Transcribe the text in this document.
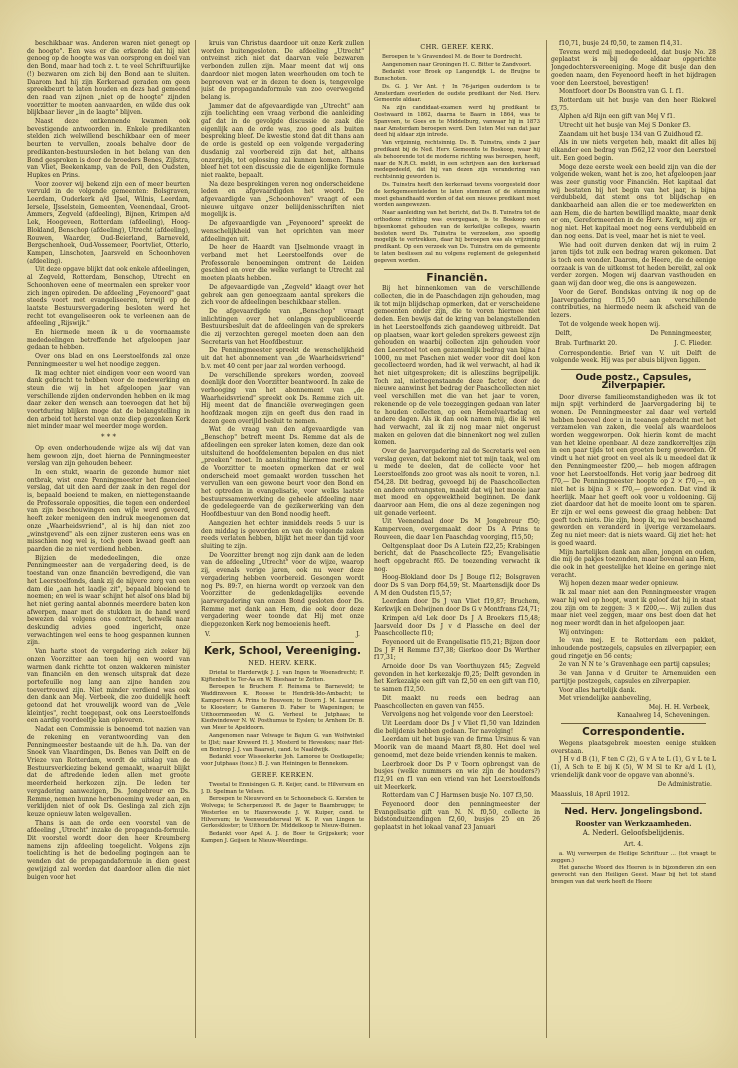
beschikbaar was. Anderen waren niet genegt op de hoogte". Een was er die erkende dat hij niet genoeg op de hoogte was van oorsprong en doel van den Bond, maar had toch z. t. te veel Schriftuurlijke (!) bezwaren om zich bij den Bond aan te sluiten. Daarom had hij zijn Kerkeraad geraden om geen spreekbeurt te laten houden en dezs had gemeend den raad van zijnen „niet op de hoogte" zijnden voorzitter te moeten aanvaarden, en wilde dus ook blijkbaar liever „in de laagte" blijven.

Naast deze ontkennende kwamen ook bevestigende antwoorden in. Enkele predikanten stelden zich welwillend beschikbaar een of meer beurten te vervullen, zooals behalve door de predikanten-bestuursleden in het belang van den Bond gesproken is door de broeders Benes, Zijlstra, van Vliet, Beekenkamp, van de Poll, den Oudsten, Hupkes en Prins.

Voor zoover wij bekend zijn een of meer beurten vervuld in de volgende gemeenten: Bolsgraven, Leerdam, Ouderkerk a/d IJsel, Wilnis, Leerdam, Iersele, IJsselstein, Gemeenten, Veenendaal, Groot-Ammers, Zegveld (afdeeling), Bijnen, Krimpen a/d Lek, Hoogeveen, Rotterdam (afdeeling), Hoog-Blokland, Benschop (afdeeling), Utrecht (afdeeling), Rouwen, Waarder, Oud-Beierland, Barneveld, Bergschenhoek, Oud-Vossemeer, Poortvliet, Otterlo, Kampen, Linschoten, Jaarsveld en Schoonhoven (afdeeling).

Uit deze opgave blijkt dat ook enkele afdeelingen, al Zegveld, Rotterdam, Benschop, Utrecht en Schoonhoven eene of meermalen een spreker voor zich ingen opireden. De afdeeling „Feyenoord" gaat steeds voort met evangeliseeren, terwijl op de laatste Bestuursvergadering besloten werd het recht tot evangeliseeren ook te verleenen aan de afdeeling „Rijswijk."

En hiermede meen ik u de voornaamste mededeelingen betreffende het afgeloopen jaar gedaan te hebben.

Over ons blad en ons Leerstoelfonds zal onze Penningmeester u wel het noodige zeggen.

Ik mag echter niet eindigen voor een woord van dank gebracht te hebben voor de medewerking en steun die wij in het afgeloopen jaar van verschillende zijden ondervonden hebben en ik mag daar zeker den wensch aan toevoegen dat het bij voortduring blijken moge dat de belangstelling in den arbeid tot herstel van onze diep gezonken Kerk niet minder maar wel meerder moge worden.

* * *

Op even onderhoudende wijze als wij dat van hem gewoon zijn, doet hierna de Penningmeester verslag van zijn gehouden beheer.

In een stukt, waarin de gezonde humor niet ontbrak, wist onze Penningmeester het financieel verslag, dat uit den aard der zaak in den regel dor is, bepaald boeiend te maken, en niettegenstaande de Professorale opposities, die tegen een onderdeel van zijn beschouwingen een wijle werd gevoerd, heeft zeker menigeen den indruk meegenomen dat onze „Waarheidsvriend", al is hij dan niet zoo „winstgevend" als een zijner zusteren eens was en misschien nog wel is, toch geen kwaad geeft aan paarden die ze niet verdiend hebben.

Bijzien de mededeelingen, die onze Penningmeester aan de vergadering deed, is de toestand van onze financiën bevredigend, die van het Leerstoelfonds, dank zij de nijvere zorg van een dam die „aan het laadje zit", bepaald bloeiend te noemen; en wel is waar schijnt het alsof ons blad bij het niet gering aantal abonnés meerdere baten kon afwerpen, maar met de stukken in de hand werd bewezen dal volgens ons contract, hetwelk naar deskundig advies goed ingericht, onze verwachtingen wel eens te hoog gespannen kunnen zijn.

Van harte stoot de vergadering zich zeker bij onzen Voorzitter aan toen hij een woord van warmen dank richtte tot onzen wakkeren minister van financiën en den wensch uitsprak dat deze portefeuille nog lang aan zijne handen zou toevertrouwd zijn. Niet minder verdiend was ook den dank aan Mej. Verbeek, die zoo duidelijk heeft getoond dat het vrouwelijk woord van de „Vele kleintjes", recht toegepast, ook ons Leerstoelfonds een aardig voordeeltje kan opleveren.

Nadat een Commissie is benoemd tot nazien van de rekening en verantwoording van den Penningmeester bestaande uit de h.h. Da. van der Snoek van Vlaardingen, Ds. Benes van Delft en de Vrieze van Rotterdam, wordt de uitslag van de Bestuursverkiezing bekend gemaakt, waaruit blijkt dat de aftredende leden allen met groote meerderheid herkozen zijn. De leden ter vergadering aanwezigen, Ds. Jongebreur en Ds. Remme, nemen hunne herbenoeming weder aan, en verklijden niet of ook Ds. Geslinga zal zich zijn keuze opnieuw laten welgevallen.

Thans is aan de orde een voorstel van de afdeeling „Utrecht" inzake de propaganda-formule. Dit voorstel wordt door den heer Kreumberg namens zijn afdeeling toegelicht. Volgens zijn toelichting is het de bedoeling pogingen aan te wenden dat de propagandaformule in dien geest gewijzigd zal worden dat daardoor allen die niet buigen voor het

kruis van Christus daardoor uit onze Kerk zullen worden buitengesloten. De afdeeling „Utrecht" ontveinst zich niet dat daarvan vele bezwaren verbonden zullen zijn. Maar meent dat wij ons daardoor niet mogen laten weerhouden om toch te beproeven wat er in dezen te doen is, tengevolge juist de propagandaformule van zoo overwegend belang is.

Jammer dat de afgevaardigde van „Utrecht" aan zijn toelichting een vraag verbond die aanleiding gaf dat in de gevolgde discussie de zaak die eigenlijk aan de orde was, zoo goed als buiten bespreking bleef. De kwestie stond dat dit thans aan de orde is gesteld op een volgende vergadering dusdanig zal voorbereid zijn dat het, althans onzerzijds, tot oplossing zal kunnen komen. Thans bleef het tot een discussie die de eigenlijke formule niet raakte, bepaalt.

Na deze besprekingen veren nog onderscheidene leden en afgevaardigden het woord. De afgevaardigde van „Schoonhoven" vraagt of een nieuwe uitgave onzer beliijdenisschriften niet mogelijk is.

De afgevaardigde van „Feyenoord" spreekt de wenschelijkheid van het oprichten van meer afdeelingen uit.

De heer de Haardt van IJselmonde vraagt in verband met het Leerstoelfonds over de Professorale benoemingen omtrent de Leiden geschied en over die welke verlangt te Utrecht zal moeten plaats hebben.

De afgevaardigde van „Zegveld" klaagt over het gebrek aan gen genoegzaam aantal sprekers die zich voor de afdeelingen beschikbaar stellen.

De afgevaardigde van „Benschop" vraagt inlichtingen over het onlangs gepubliceerde Bestuursbesluit dat de afdeelingen van de sprekers die zij verzochten geregel moeten doen aan den Secretaris van het Hoofdbestuur.

De Penningmeester spreekt de wenschelijkheid uit dat het abonnement van „de Waarheidsvriend" b.v. met 40 cent per jaar zal worden verhoogd.

De verschillende sprekers worden, zooveel doenlijk door den Voorzitter beantwoord. In zake de verhooging van het abonnement van „de Waarheidsvriend" spreekt ook Ds. Remme zich uit. Hij meent dat de financiële overwegingen geen hoofdzaak mogen zijn en geeft dus den raad in dezen geen overijld besluit te nemen.

Wat de vraag van den afgevaardigde van „Benschop" betreft meent Ds. Remme dat als de afdeelingen een spreker laten komen, deze dan ook uitsluitend de hoofdelementen bepalen en dus niet „preeken" moet. In aansluiting hiermee merkt ook de Voorzitter te moeten opmerken dat er wel onderscheid moet gemaakt worden tusschen het vervullen van een gewone beurt voor den Bond en het optreden in evangelisatie, voor welks laatste bestuurssamenwerking de geheele afdeeling naar de gedelegeerde van de gezikerwerking van den Hoofdbestuur van den Bond noodig heeft.

Aangezien het echter inmiddels reeds 5 uur is den middag is geworden en van de volgende zaken reeds verlaten hebben, blijkt het meer dan tijd voor sluiting te zijn.

De Voorzitter brengt nog zijn dank aan de leden van de afdeeling „Utrecht" voor de wijze, waarop zij, evenals vorige jaren, ook nu weer deze vergadering hebben voorbereid. Gesongen wordt nog Ps. 89:7, en hierna wordt op verzoek van den Voorzitter de gedenkdagelijks eevende jaarvergadering van onzen Bond gesloten door Ds. Remme met dank aan Hem, die ook door deze vergadering weer toonde dat Hij met onze diepgezonken Kerk nog bemoeienis heeft.

V.	J.
Kerk, School, Vereeniging.
NED. HERV. KERK.

Drietal te Harderwijk J. J. van Ingen te Woensdrecht; F. Kijftenbelt te Ter-Aa en W. Bieshaar te Zetten.

Beroepen te Bruchem F. Reinsma te Barneveld; te Waddinxveen K. Roosse te Hendrik-Ido-Ambacht; te Kamperveen A. Prins te Rouveen; te Doorn J. M. Laurense te Kloosterr; te Gameren D. Faber te Wageningen; te Uithoornmeeden W. G. Verheul te Jutphaas; te Kiedwindewer N. W. Posthumus te Eyslen; te Arnhem Dr. B. van Meer te Apeldoorn.

Aangenomen naar Velwage te Bajum G. van Wolfwinkel te IJlst; naar Krewerd H. J. Mosterd te Heveskes; naar Het- en Bontrop J. J. van Baarsel, cand. te Naaldwijk.

Bedankt voor Wisseekerke Joh. Lamoree te Oostkapelle; voor Jutphaas (toez.) B. J. van Heiningen te Bennekom.

GEREF. KERKEN.

Tweetal te Ennisingen G. R. Keijer, cand. te Hilversum en J. D. Spelman te Velsen.

Beroepen te Nieuwvord en te Schoonebeck G. Kersten te Wolvega; te Scherpenzeel R. de Jager te Baambrugge; te Westerlee en te Hazerswoude J. W. Kuiper, cand. te Hilversum; te Veenwoudsterwal W. K. P. van Lingen te Gerkeskloster; te Uithorn Dr. Middelkoop te Nieuw-Buinen.

Bedankt voor Apel A. J. de Boer te Grijpskerk; voor Kampen J. Geijsen te Nieuw-Weerdinge.

CHR. GEREF. KERK.

Beroepen te 's Gravendeel M. de Boer te Dordrecht.

Aangenomen naar Groningen H. C. Bitter te Zandvoort.

Bedankt voor Broek op Langendijk L. de Bruijne te Bunschoten.

Ds. G. J. Ver Ant. † In 76-jarigen ouderdom is te Amsterdam overleden de oudste predikant der Ned. Herv. Gemeente aldaar.

Na zijn candidaat-examen werd hij predikant te Oostwaard in 1862, daarna te Baarn in 1864, was te Spanvoen, te Goes en te Middelburg, vanwaar hij in 1873 naar Amsterdam beroepen werd. Den 1sten Mei van dat jaar deed hij aldaar zijn intrede.

Van vrijzinnig, rechtsinnig. Ds. B. Tuinstra, sinds 2 jaar predikant bij de Ned. Herv. Gemeente te Boskoop, waar hij als behoorende tot de moderne richting was beroepen, heeft, naar de N.R.Ct. meldt, in een schrijven aan den kerkeraad medegedeeld, dat hij van dezen zijn verandering van rechtsinnig geworden is.

Ds. Tuinstra heeft den kerkeraad tevens voorgesteld door de kerkgemeenteleden te laten stemmen of de stemming moet gehandhaafd worden of dat een nieuwe predikant moet worden aangewezen.

Naar aanleiding van het bericht, dat Ds. B. Tuinstra tot de orthodoxe richting was overgegaan, is te Boskoop een bijeenkomst gehouden van de kerkelijke colleges, waarin besloten werd Ds. Tuinstra te verzoeken, zoo spoedig mogelijk te vertrekken, daar hij beroepen was als vrijzinnig predikant. Op een verzoek van Ds. Tuinstra om de gemeente te laten beslissen zal nu volgens reglement de gelegenheid gegeven worden.

Financiën.

Bij het binnenkomen van de verschillende collecten, die in de Paaschdagen zijn gehouden, mag ik tot mijn blijdschap opmerken, dat er verscheidene gemeenten onder zijn, die te voren hiermee niet deden. Een bewijs dat de kring van belangstellenden in het Leerstoelfonds zich gaandeweg uitbreidt. Dat op plaatsen, waar kort geleden sprekers geweest zijn gehouden en waarbij collecten zijn gehouden voor den Leerstoel tot een gezamenlijk bedrag van bijna f 1000, nu met Paschen niet weder voor dit doel kon gecollecteerd worden, had ik wel verwacht, al had ik het niet uitgesproken; dit is allesziins begrijpelijk. Toch zal, niettegenstaande deze factor, door de nieuwe aanwinst het bedrag der Paaschcollecten niet veel verschillen met die van het jaar te voren, rekenende op de vele toezeggingen gedaan van later te houden collecten, op een Hemelvaartsdag en andere dagen. Als ik dan ook namen mij, die ik wel had verwacht, zal ik zij nog maar niet ongerust maken en geloven dat die binnenkort nog wel zullen komen.

Over de Jaarvergadering zal de Secretaris wel een verslag geven, dat bekomt niet tot mijn taak, wel om u mede te deelen, dat de collecte voor het Leerstoelfonds zoo groot was als nooit te voren, n.l. f54,28. Dit bedrag, gevoegd bij de Paaschcollecten en andere ontvangsten, maakt dat wij het mooie jaar met mood en opgewektheid beginnen. De dank daarvoor aan Hem, die ons al deze zegeningen nog uit genade verleent.

Uit Veenendaal door Ds M Jongebreur f50; Kamperveen, overgemaakt door Ds A Prins te Rouveen, die daar 1en Paaschdag voorging, f15,50;

Oeltgensplaat door Ds A Lutein f22,25; Krabingen bericht, dat de Paaschcollecte f25; Evangelisatie heeft opgebracht f65. De toezending verwacht ik nog.

Hoog-Blokland door Ds J Bouge f12; Bolsgraven door Ds S van Dorp f64,59; St. Maartensdijk door Ds A M den Oudsten f15,57;

Leerdam door Ds J van Vliet f19,87; Bruchem, Kerkwijk en Delwijnen door Ds G v Montfrans f24,71;

Krimpen a/d Lek door Ds J A Broekers f15,48; Jaarsveld door Ds J v d Plassche en deel der Paaschcollecte f10;

Feyenoord uit de Evangelisatie f15,21; Bijzen door Ds J F H Remme f37,38; Gierkoo door Ds Werther f17,31;

Arnoide door Ds van Voorthuyzen f45; Zegveld gevonden in het kerkezakje f0,25; Delft gevonden in het Kerkezakje een gift van f2,50 en een gift van f10, te samen f12,50.

Dit maakt nu reeds een bedrag aan Paaschcollecten en gaven van f455.

Vervolgens nog het volgende voor den Leerstoel:

Uit Leerdam door Ds J v Vliet f1,50 van Idzinden die belijdenis hebben gedaan. Ter navolging!

Leerdam uit het busje van de firma Ursinus & van Moorik van de maand Maart f8,80. Het doel wel genoemd, met deze beide vrienden kennis te maken.

Leerbroek door Ds P v Toorn opbrengst van de busjes (welke nummers en wie zijn de houders?) f12,91 en f1 van een vriend van het Leerstoelfonds uit Meerkerk.

Rotterdam van C J Harmsen busje No. 107 f3,50.

Feyenoord door den penningmeester der Evangelisatie gift van N. N. f0,50, collecte in bidstonduitzendingen f2,60, busjes 25 en 26 geplaatst in het lokaal vanaf 23 Januari

f10,71, busje 24 f0,50, te zamen f14,31.

Tevens werd mij medegedeeld, dat busje No. 28 geplaatst is bij de aldaar opgerichte Jongedochtersvereeniging. Moge dit busje dan den goeden naam, den Feyenoord heeft in het bijdragen voor den Leerstoel, bevestigen!

Montfoort door Ds Boonstra van G. I. f1.

Rotterdam uit het busje van den heer Riekwel f3,75.

Alphen a/d Rijn een gift van Mej V f1.

Utrecht uit het busje van Mej S Donker f3.

Zaandam uit het busje 134 van G Zuidhoud f2.

Als in uw niets vergeten heb, maakt dit alles bij elkander een bedrag van f562,12 voor den Leerstoel uit. Een goed begin.

Moge deze eerste week een beeld zijn van die der volgende weken, want het is zoo, het afgeloopen jaar was zeer gunstig voor Financiën. Het kapitaal dat wij bestaten bij het begin van het jaar, is bijna verdubbeld, dat stemt ons tot blijdschap en dankbaarheid aan allen die er toe medewerkten en aan Hem, die de harten bewilligd maakte, maar denk er om, Gereformeerden in de Herv. Kerk, wij zijn er nog niet. Het kapitaal moet nog eens verdubbeld en dan nog eens. Dat is veel, maar het is niet te veel.

Wie had ooit durven denken dat wij in ruim 2 jaren tijds tot zulk een bedrag waren gekomen. Dat is toch een wonder. Daarom, de Heere, die de eenige oorzaak is van de uitkomst tot heden bereikt, zal ook verder zorgen. Mogen wij daarvan vasthouden en gaan wij dan door weg, die ons is aangewezen.

Voor de Geref. Bondskas ontving ik nog op de Jaarvergadering f15,50 aan verschillende contributies, na hiermede neem ik afscheid van de lezers.

Tot de volgende week hopen wij.

Delft,	De Penningmeester,
Brab. Turfmarkt 20.	J. C. Flieder.

Correspondentie. Brief van V. uit Delft de volgende week. Hij was per abuis blijven liggen.

Oude postz., Capsules, Zilverpapier.

Door diverse familieomstandigheden was ik tot mijn spijt verhinderd de Jaarvergadering bij te wonen. De Penningmeester zal daar wel verteld hebben hoeveel door u in teeanen gebracht met het verzamelen van zaken, die veelal als waardeloos worden weggeworpen. Ook hierin komt de macht van het kleine openbaar. Al deze zandkorreltjes zijn in een paar tijds tot een groeten berg geworden. Of vindt u het niet groot en veel als ik u meedeel dat ik den Penningmeester f200,— heb mogen afdragen voor het Leerstoelfonds. Het vorig jaar bedroeg dit f70,— De Penningmeester hoopte op 2 × f70,—, en niet het is bijna 3 × f70,— geworden. Dat vind ik heerlijk. Maar het geeft ook voor u voldoening. Gij ziet daardoor dat het de moeite loont om te sparen. Er zijn er wel eens geweest die graag hebben: Dat geeft toch niets. Die zijn, hoop ik, nu wel beschaamd geworden en veranderd in ijverige verzamelaars. Zeg nu niet meer: dat is niets waard. Gij ziet het: het is goed waard.

Mijn hartelijken dank aan allen, jongen en ouden, die mij de pakjes toezonden, maar bovenal aan Hem, die ook in het geestelijke het kleine en geringe niet veracht.

Wij hopen dezen maar weder opnieuw.

Ik zal maar niet aan den Penningmeester vragen waar hij wel op hoopt, want ik geloof dat hij in staat zou zijn om te zeggen: 3 × f200,—. Wij zullen dus maar niet veel zeggen, maar ons best doen dat het nog meer wordt dan in het afgeloopen jaar.

Wij ontvingen:

Ie van mej. E te Rotterdam een pakket, inhoudende postzegels, capsules en zilverpapier, een goud ringetje en 56 cents;

2e van N N te 's Gravenhage een partij capsules;

3e van Janna v d Gruiter te Arnemuiden een partijtje postzegels, capsules en zilverpapier.

Voor alles hartelijk dank.

Met vriendelijke aanbeveling,

Mej. H. H. Verbeek,
Kanaalweg 14, Scheveningen.
Correspondentie.

Wegens plaatsgebrek moesten eenige stukken overstaan.

J H v d B (1), F ten C (2), G v A te L (1), G v L te L (1), A Sch te E bij K (5), W M Sl te Kr a/d L (1), vriendelijk dank voor de opgave van abonné's.

De Administratie.
Maassluis, 18 April 1912.
Ned. Herv. Jongelingsbond.
Rooster van Werkzaamheden.
A. Nederl. Geloofsbelijdenis.
Art. 4.

a. Wij verwerpen de Heilige Schriftuur ... (tot vraagt te zeggen.)

Het gansche Woord des Heeren is in bijzonderen zin een gewrocht van den Heiligen Geest. Maar bij het tot stand brengen van dat werk heeft de Heere
